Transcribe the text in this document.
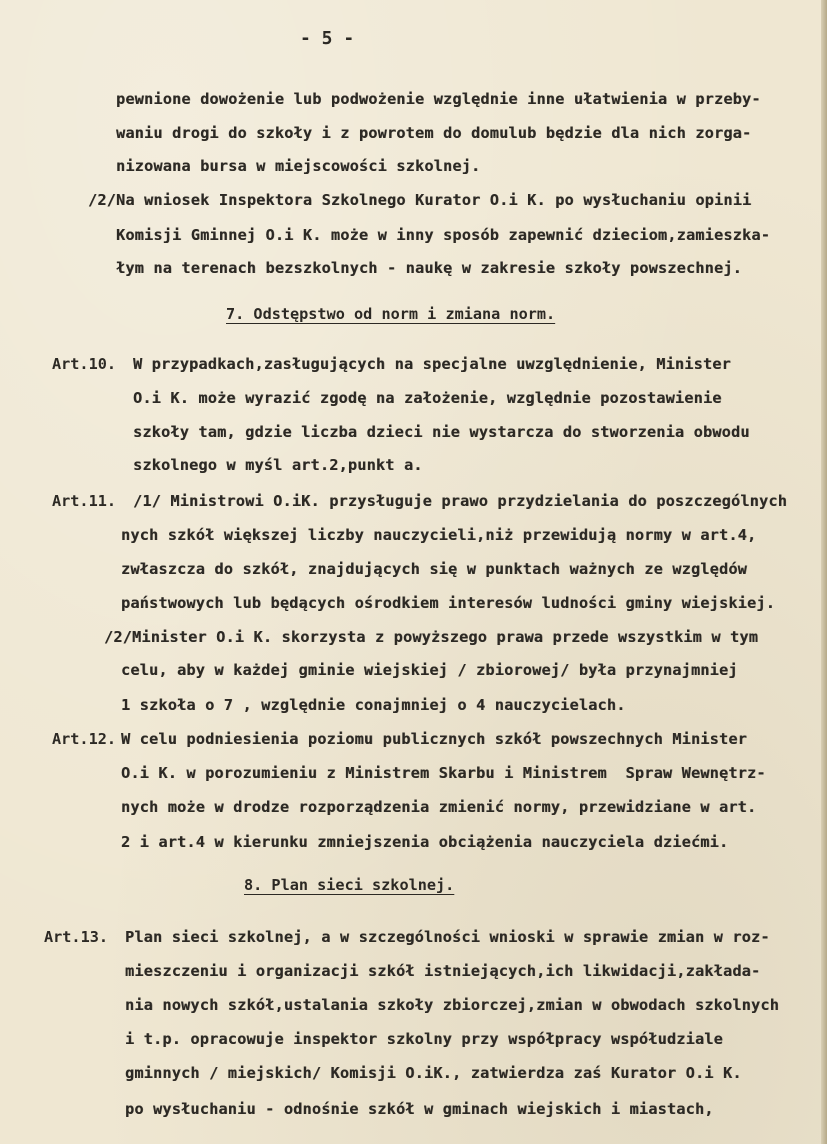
- 5 -
pewnione dowożenie lub podwożenie względnie inne ułatwienia w przeby-
waniu drogi do szkoły i z powrotem do domulub będzie dla nich zorga-
nizowana bursa w miejscowości szkolnej.
/2/Na wniosek Inspektora Szkolnego Kurator O.i K. po wysłuchaniu opinii
Komisji Gminnej O.i K. może w inny sposób zapewnić dzieciom,zamieszka-
łym na terenach bezszkolnych - naukę w zakresie szkoły powszechnej.
7. Odstępstwo od norm i zmiana norm.
Art.10. W przypadkach,zasługujących na specjalne uwzględnienie, Minister
O.i K. może wyrazić zgodę na założenie, względnie pozostawienie
szkoły tam, gdzie liczba dzieci nie wystarcza do stworzenia obwodu
szkolnego w myśl art.2,punkt a.
Art.11. /1/ Ministrowi O.iK. przysługuje prawo przydzielania do poszczególnych
nych szkół większej liczby nauczycieli,niż przewidują normy w art.4,
zwłaszcza do szkół, znajdujących się w punktach ważnych ze względów
państwowych lub będących ośrodkiem interesów ludności gminy wiejskiej.
/2/Minister O.i K. skorzysta z powyższego prawa przede wszystkim w tym
celu, aby w każdej gminie wiejskiej / zbiorowej/ była przynajmniej
1 szkoła o 7 , względnie conajmniej o 4 nauczycielach.
Art.12. W celu podniesienia poziomu publicznych szkół powszechnych Minister
O.i K. w porozumieniu z Ministrem Skarbu i Ministrem  Spraw Wewnętrz-
nych może w drodze rozporządzenia zmienić normy, przewidziane w art.
2 i art.4 w kierunku zmniejszenia obciążenia nauczyciela dziećmi.
8. Plan sieci szkolnej.
Art.13. Plan sieci szkolnej, a w szczególności wnioski w sprawie zmian w roz-
mieszczeniu i organizacji szkół istniejących,ich likwidacji,zakłada-
nia nowych szkół,ustalania szkoły zbiorczej,zmian w obwodach szkolnych
i t.p. opracowuje inspektor szkolny przy współpracy współudziale
gminnych / miejskich/ Komisji O.iK., zatwierdza zaś Kurator O.i K.
po wysłuchaniu - odnośnie szkół w gminach wiejskich i miastach,
